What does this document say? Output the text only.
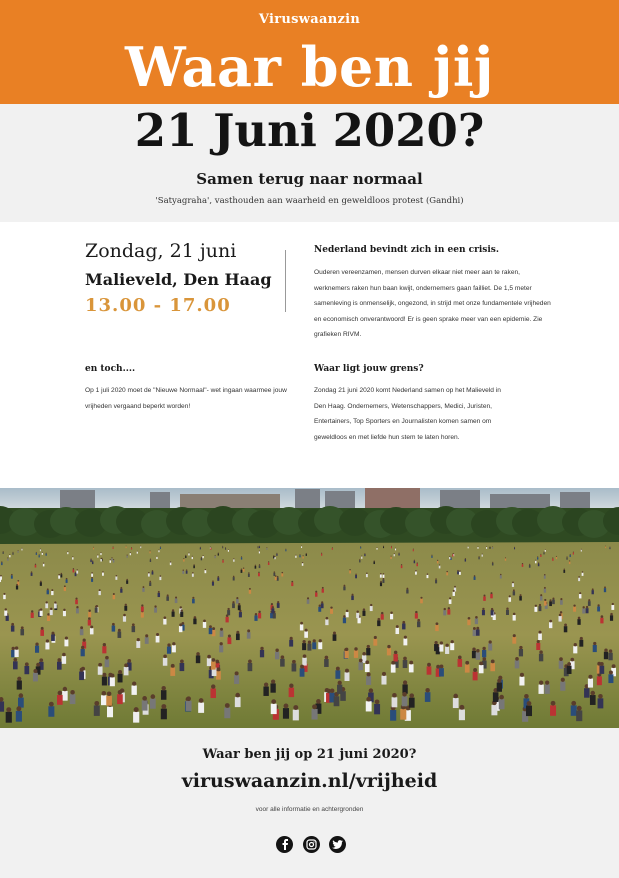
Viruswaanzin
Waar ben jij
21 Juni 2020?
Samen terug naar normaal
'Satyagraha', vasthouden aan waarheid en geweldloos protest (Gandhi)
Zondag, 21 juni
Malieveld, Den Haag
13.00 - 17.00
Nederland bevindt zich in een crisis.
Ouderen vereenzamen, mensen durven elkaar niet meer aan te raken, werknemers raken hun baan kwijt, ondernemers gaan failliet. De 1,5 meter samenleving is onmenselijk, ongezond, in strijd met onze fundamentele vrijheden en economisch onverantwoord! Er is geen sprake meer van een epidemie. Zie grafieken RIVM.
en toch....
Op 1 juli 2020 moet de "Nieuwe Normaal"- wet ingaan waarmee jouw vrijheden vergaand beperkt worden!
Waar ligt jouw grens?
Zondag 21 juni 2020 komt Nederland samen op het Malieveld in Den Haag. Ondernemers, Wetenschappers, Medici, Juristen, Entertainers, Top Sporters en Journalisten komen samen om geweldloos en met liefde hun stem te laten horen.
Waar ben jij op 21 juni 2020?
viruswaanzin.nl/vrijheid
voor alle informatie en achtergronden
